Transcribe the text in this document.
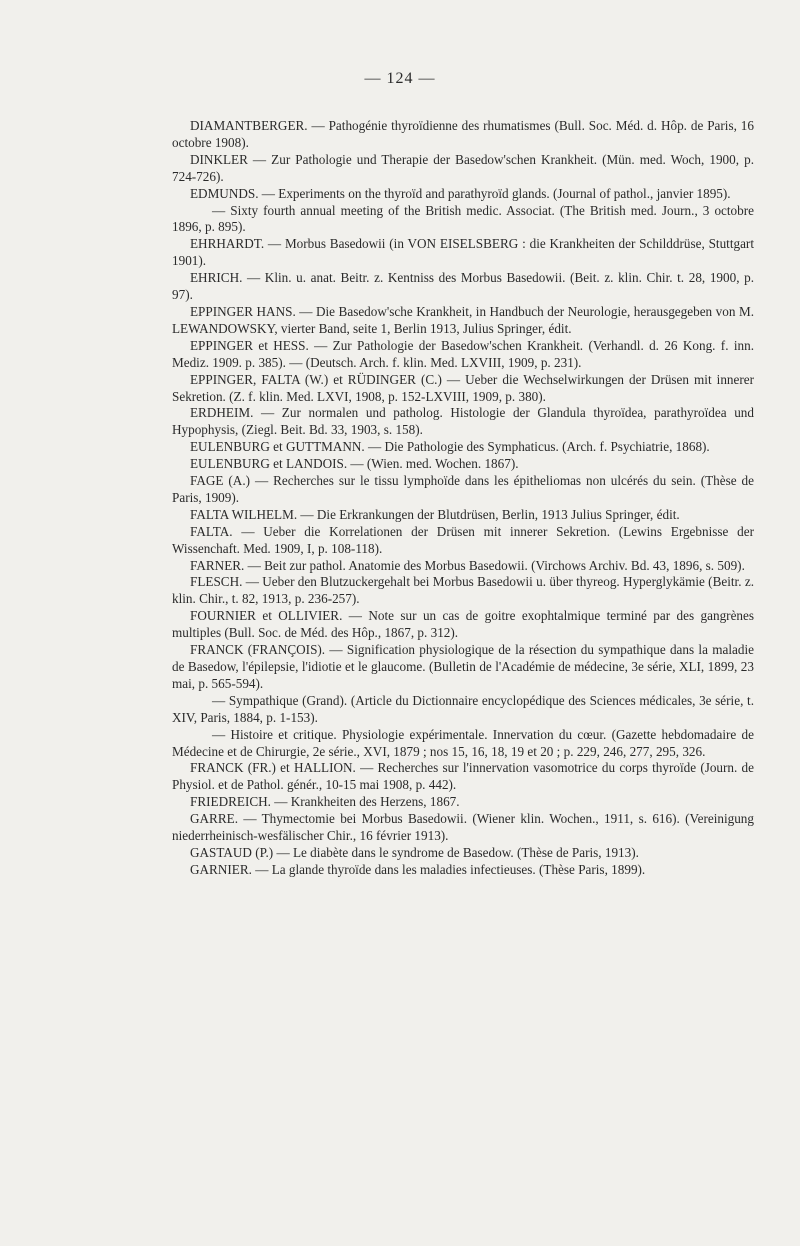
— 124 —

DIAMANTBERGER. — Pathogénie thyroïdienne des rhumatismes (Bull. Soc. Méd. d. Hôp. de Paris, 16 octobre 1908).

DINKLER — Zur Pathologie und Therapie der Basedow'schen Krankheit. (Mün. med. Woch, 1900, p. 724-726).

EDMUNDS. — Experiments on the thyroïd and parathyroïd glands. (Journal of pathol., janvier 1895).

— Sixty fourth annual meeting of the British medic. Associat. (The British med. Journ., 3 octobre 1896, p. 895).

EHRHARDT. — Morbus Basedowii (in VON EISELSBERG : die Krankheiten der Schilddrüse, Stuttgart 1901).

EHRICH. — Klin. u. anat. Beitr. z. Kentniss des Morbus Basedowii. (Beit. z. klin. Chir. t. 28, 1900, p. 97).

EPPINGER HANS. — Die Basedow'sche Krankheit, in Handbuch der Neurologie, herausgegeben von M. LEWANDOWSKY, vierter Band, seite 1, Berlin 1913, Julius Springer, édit.

EPPINGER et HESS. — Zur Pathologie der Basedow'schen Krankheit. (Verhandl. d. 26 Kong. f. inn. Mediz. 1909. p. 385). — (Deutsch. Arch. f. klin. Med. LXVIII, 1909, p. 231).

EPPINGER, FALTA (W.) et RÜDINGER (C.) — Ueber die Wechselwirkungen der Drüsen mit innerer Sekretion. (Z. f. klin. Med. LXVI, 1908, p. 152-LXVIII, 1909, p. 380).

ERDHEIM. — Zur normalen und patholog. Histologie der Glandula thyroïdea, parathyroïdea und Hypophysis, (Ziegl. Beit. Bd. 33, 1903, s. 158).

EULENBURG et GUTTMANN. — Die Pathologie des Symphaticus. (Arch. f. Psychiatrie, 1868).

EULENBURG et LANDOIS. — (Wien. med. Wochen. 1867).

FAGE (A.) — Recherches sur le tissu lymphoïde dans les épitheliomas non ulcérés du sein. (Thèse de Paris, 1909).

FALTA WILHELM. — Die Erkrankungen der Blutdrüsen, Berlin, 1913 Julius Springer, édit.

FALTA. — Ueber die Korrelationen der Drüsen mit innerer Sekretion. (Lewins Ergebnisse der Wissenchaft. Med. 1909, I, p. 108-118).

FARNER. — Beit zur pathol. Anatomie des Morbus Basedowii. (Virchows Archiv. Bd. 43, 1896, s. 509).

FLESCH. — Ueber den Blutzuckergehalt bei Morbus Basedowii u. über thyreog. Hyperglykämie (Beitr. z. klin. Chir., t. 82, 1913, p. 236-257).

FOURNIER et OLLIVIER. — Note sur un cas de goitre exophtalmique terminé par des gangrènes multiples (Bull. Soc. de Méd. des Hôp., 1867, p. 312).

FRANCK (FRANÇOIS). — Signification physiologique de la résection du sympathique dans la maladie de Basedow, l'épilepsie, l'idiotie et le glaucome. (Bulletin de l'Académie de médecine, 3e série, XLI, 1899, 23 mai, p. 565-594).

— Sympathique (Grand). (Article du Dictionnaire encyclopédique des Sciences médicales, 3e série, t. XIV, Paris, 1884, p. 1-153).

— Histoire et critique. Physiologie expérimentale. Innervation du cœur. (Gazette hebdomadaire de Médecine et de Chirurgie, 2e série., XVI, 1879 ; nos 15, 16, 18, 19 et 20 ; p. 229, 246, 277, 295, 326.

FRANCK (FR.) et HALLION. — Recherches sur l'innervation vasomotrice du corps thyroïde (Journ. de Physiol. et de Pathol. génér., 10-15 mai 1908, p. 442).

FRIEDREICH. — Krankheiten des Herzens, 1867.

GARRE. — Thymectomie bei Morbus Basedowii. (Wiener klin. Wochen., 1911, s. 616). (Vereinigung niederrheinisch-wesfälischer Chir., 16 février 1913).

GASTAUD (P.) — Le diabète dans le syndrome de Basedow. (Thèse de Paris, 1913).

GARNIER. — La glande thyroïde dans les maladies infectieuses. (Thèse Paris, 1899).
